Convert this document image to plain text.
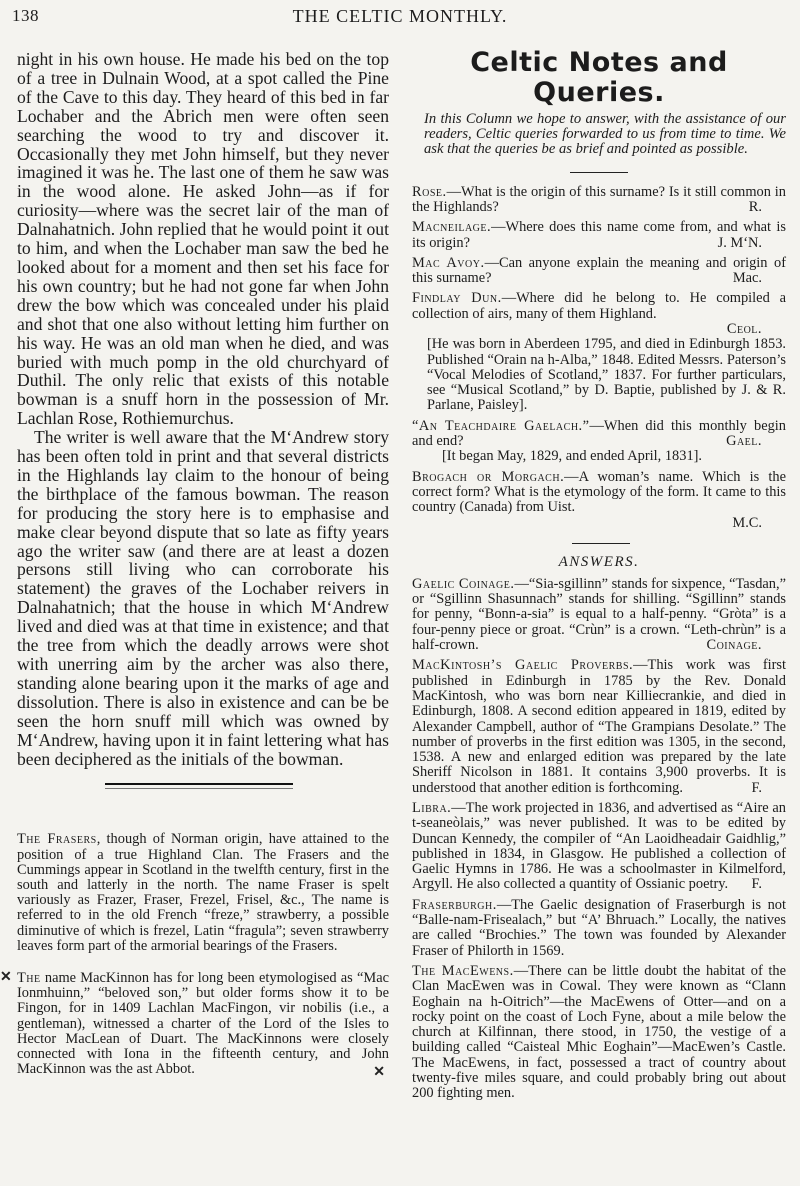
138	THE CELTIC MONTHLY.

night in his own house. He made his bed on the top of a tree in Dulnain Wood, at a spot called the Pine of the Cave to this day. They heard of this bed in far Lochaber and the Abrich men were often seen searching the wood to try and discover it. Occasionally they met John himself, but they never imagined it was he. The last one of them he saw was in the wood alone. He asked John—as if for curiosity—where was the secret lair of the man of Dalnahatnich. John replied that he would point it out to him, and when the Lochaber man saw the bed he looked about for a moment and then set his face for his own country; but he had not gone far when John drew the bow which was concealed under his plaid and shot that one also without letting him further on his way. He was an old man when he died, and was buried with much pomp in the old churchyard of Duthil. The only relic that exists of this notable bowman is a snuff horn in the possession of Mr. Lachlan Rose, Rothiemurchus.

The writer is well aware that the M‘Andrew story has been often told in print and that several districts in the Highlands lay claim to the honour of being the birthplace of the famous bowman. The reason for producing the story here is to emphasise and make clear beyond dispute that so late as fifty years ago the writer saw (and there are at least a dozen persons still living who can corroborate his statement) the graves of the Lochaber reivers in Dalnahatnich; that the house in which M‘Andrew lived and died was at that time in existence; and that the tree from which the deadly arrows were shot with unerring aim by the archer was also there, standing alone bearing upon it the marks of age and dissolution. There is also in existence and can be be seen the horn snuff mill which was owned by M‘Andrew, having upon it in faint lettering what has been deciphered as the initials of the bowman.

The Frasers, though of Norman origin, have attained to the position of a true Highland Clan. The Frasers and the Cummings appear in Scotland in the twelfth century, first in the south and latterly in the north. The name Fraser is spelt variously as Frazer, Fraser, Frezel, Frisel, &c., The name is referred to in the old French “freze,” strawberry, a possible diminutive of which is frezel, Latin “fragula”; seven strawberry leaves form part of the armorial bearings of the Frasers.

✕ The name MacKinnon has for long been etymologised as “Mac Ionmhuinn,” “beloved son,” but older forms show it to be Fingon, for in 1409 Lachlan MacFingon, vir nobilis (i.e., a gentleman), witnessed a charter of the Lord of the Isles to Hector MacLean of Duart. The MacKinnons were closely connected with Iona in the fifteenth century, and John MacKinnon was the ast Abbot.	✕
Celtic Notes and Queries.

In this Column we hope to answer, with the assistance of our readers, Celtic queries forwarded to us from time to time. We ask that the queries be as brief and pointed as possible.

Rose.—What is the origin of this surname? Is it still common in the Highlands?	R.

Macneilage.—Where does this name come from, and what is its origin?	J. M‘N.

Mac Avoy.—Can anyone explain the meaning and origin of this surname?	Mac.

Findlay Dun.—Where did he belong to. He compiled a collection of airs, many of them Highland.
Ceol.

[He was born in Aberdeen 1795, and died in Edinburgh 1853. Published “Orain na h-Alba,” 1848. Edited Messrs. Paterson’s “Vocal Melodies of Scotland,” 1837. For further particulars, see “Musical Scotland,” by D. Baptie, published by J. & R. Parlane, Paisley].

“An Teachdaire Gaelach.”—When did this monthly begin and end?	Gael.

[It began May, 1829, and ended April, 1831].

Brogach or Morgach.—A woman’s name. Which is the correct form? What is the etymology of the form. It came to this country (Canada) from Uist.
M.C.

ANSWERS.

Gaelic Coinage.—“Sia-sgillinn” stands for sixpence, “Tasdan,” or “Sgillinn Shasunnach” stands for shilling. “Sgillinn” stands for penny, “Bonn-a-sia” is equal to a half-penny. “Gròta” is a four-penny piece or groat. “Crùn” is a crown. “Leth-chrùn” is a half-crown.	Coinage.

MacKintosh’s Gaelic Proverbs.—This work was first published in Edinburgh in 1785 by the Rev. Donald MacKintosh, who was born near Killiecrankie, and died in Edinburgh, 1808. A second edition appeared in 1819, edited by Alexander Campbell, author of “The Grampians Desolate.” The number of proverbs in the first edition was 1305, in the second, 1538. A new and enlarged edition was prepared by the late Sheriff Nicolson in 1881. It contains 3,900 proverbs. It is understood that another edition is forthcoming.	F.

Libra.—The work projected in 1836, and advertised as “Aire an t-seaneòlais,” was never published. It was to be edited by Duncan Kennedy, the compiler of “An Laoidheadair Gaidhlig,” published in 1834, in Glasgow. He published a collection of Gaelic Hymns in 1786. He was a schoolmaster in Kilmelford, Argyll. He also collected a quantity of Ossianic poetry. F.

Fraserburgh.—The Gaelic designation of Fraserburgh is not “Balle-nam-Frisealach,” but “A’ Bhruach.” Locally, the natives are called “Brochies.” The town was founded by Alexander Fraser of Philorth in 1569.

The MacEwens.—There can be little doubt the habitat of the Clan MacEwen was in Cowal. They were known as “Clann Eoghain na h-Oitrich”—the MacEwens of Otter—and on a rocky point on the coast of Loch Fyne, about a mile below the church at Kilfinnan, there stood, in 1750, the vestige of a building called “Caisteal Mhic Eoghain”—MacEwen’s Castle. The MacEwens, in fact, possessed a tract of country about twenty-five miles square, and could probably bring out about 200 fighting men.
